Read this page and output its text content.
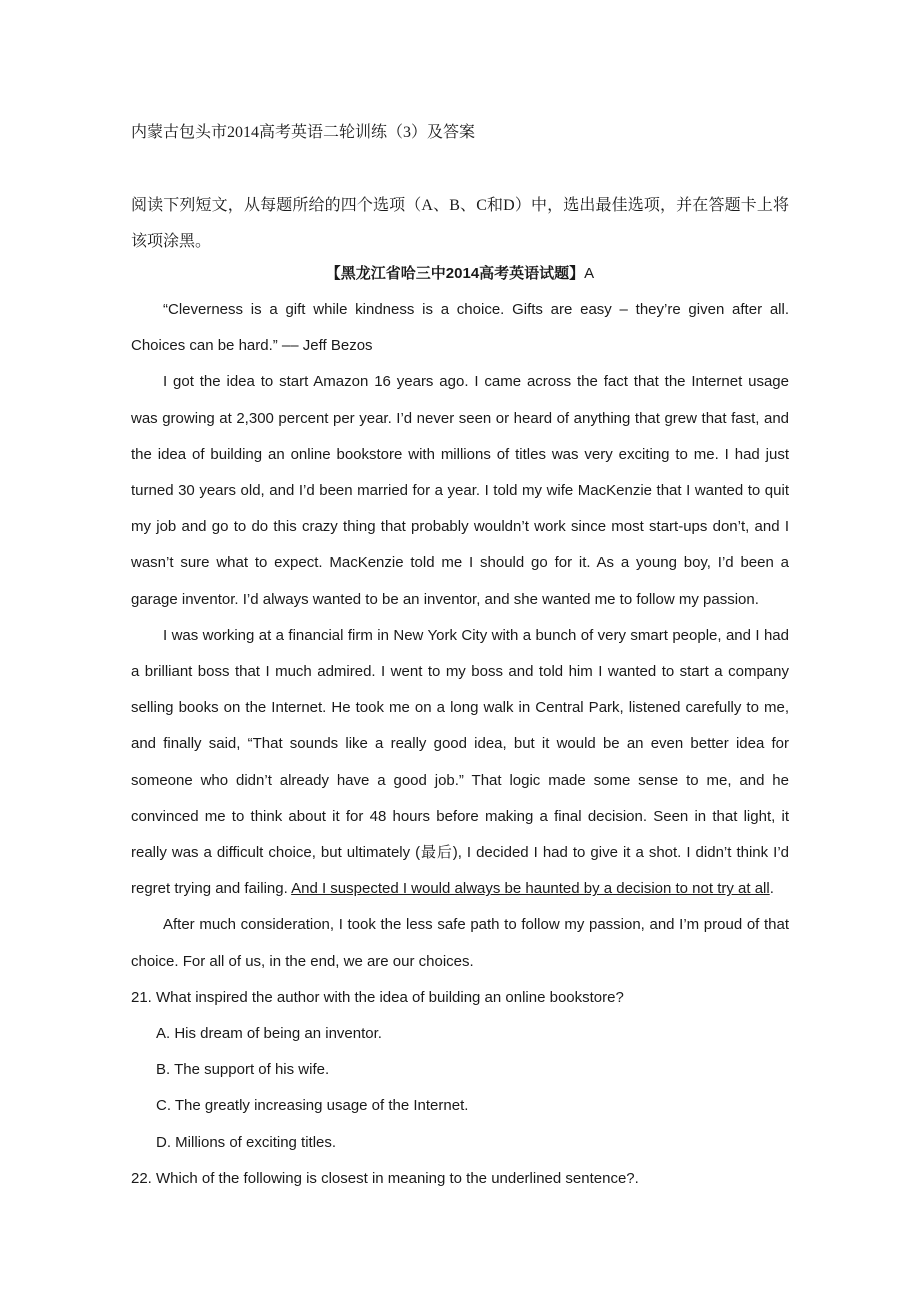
内蒙古包头市2014高考英语二轮训练（3）及答案
阅读下列短文，从每题所给的四个选项（A、B、C和D）中，选出最佳选项，并在答题卡上将该项涂黑。
【黑龙江省哈三中2014高考英语试题】A

“Cleverness is a gift while kindness is a choice. Gifts are easy – they’re given after all. Choices can be hard.” –– Jeff Bezos

I got the idea to start Amazon 16 years ago. I came across the fact that the Internet usage was growing at 2,300 percent per year. I’d never seen or heard of anything that grew that fast, and the idea of building an online bookstore with millions of titles was very exciting to me. I had just turned 30 years old, and I’d been married for a year. I told my wife MacKenzie that I wanted to quit my job and go to do this crazy thing that probably wouldn’t work since most start-ups don’t, and I wasn’t sure what to expect. MacKenzie told me I should go for it. As a young boy, I’d been a garage inventor. I’d always wanted to be an inventor, and she wanted me to follow my passion.

I was working at a financial firm in New York City with a bunch of very smart people, and I had a brilliant boss that I much admired. I went to my boss and told him I wanted to start a company selling books on the Internet. He took me on a long walk in Central Park, listened carefully to me, and finally said, “That sounds like a really good idea, but it would be an even better idea for someone who didn’t already have a good job.” That logic made some sense to me, and he convinced me to think about it for 48 hours before making a final decision. Seen in that light, it really was a difficult choice, but ultimately (最后), I decided I had to give it a shot. I didn’t think I’d regret trying and failing. And I suspected I would always be haunted by a decision to not try at all.

After much consideration, I took the less safe path to follow my passion, and I’m proud of that choice. For all of us, in the end, we are our choices.

21. What inspired the author with the idea of building an online bookstore?

A. His dream of being an inventor.

B. The support of his wife.

C. The greatly increasing usage of the Internet.

D. Millions of exciting titles.

22. Which of the following is closest in meaning to the underlined sentence?.
